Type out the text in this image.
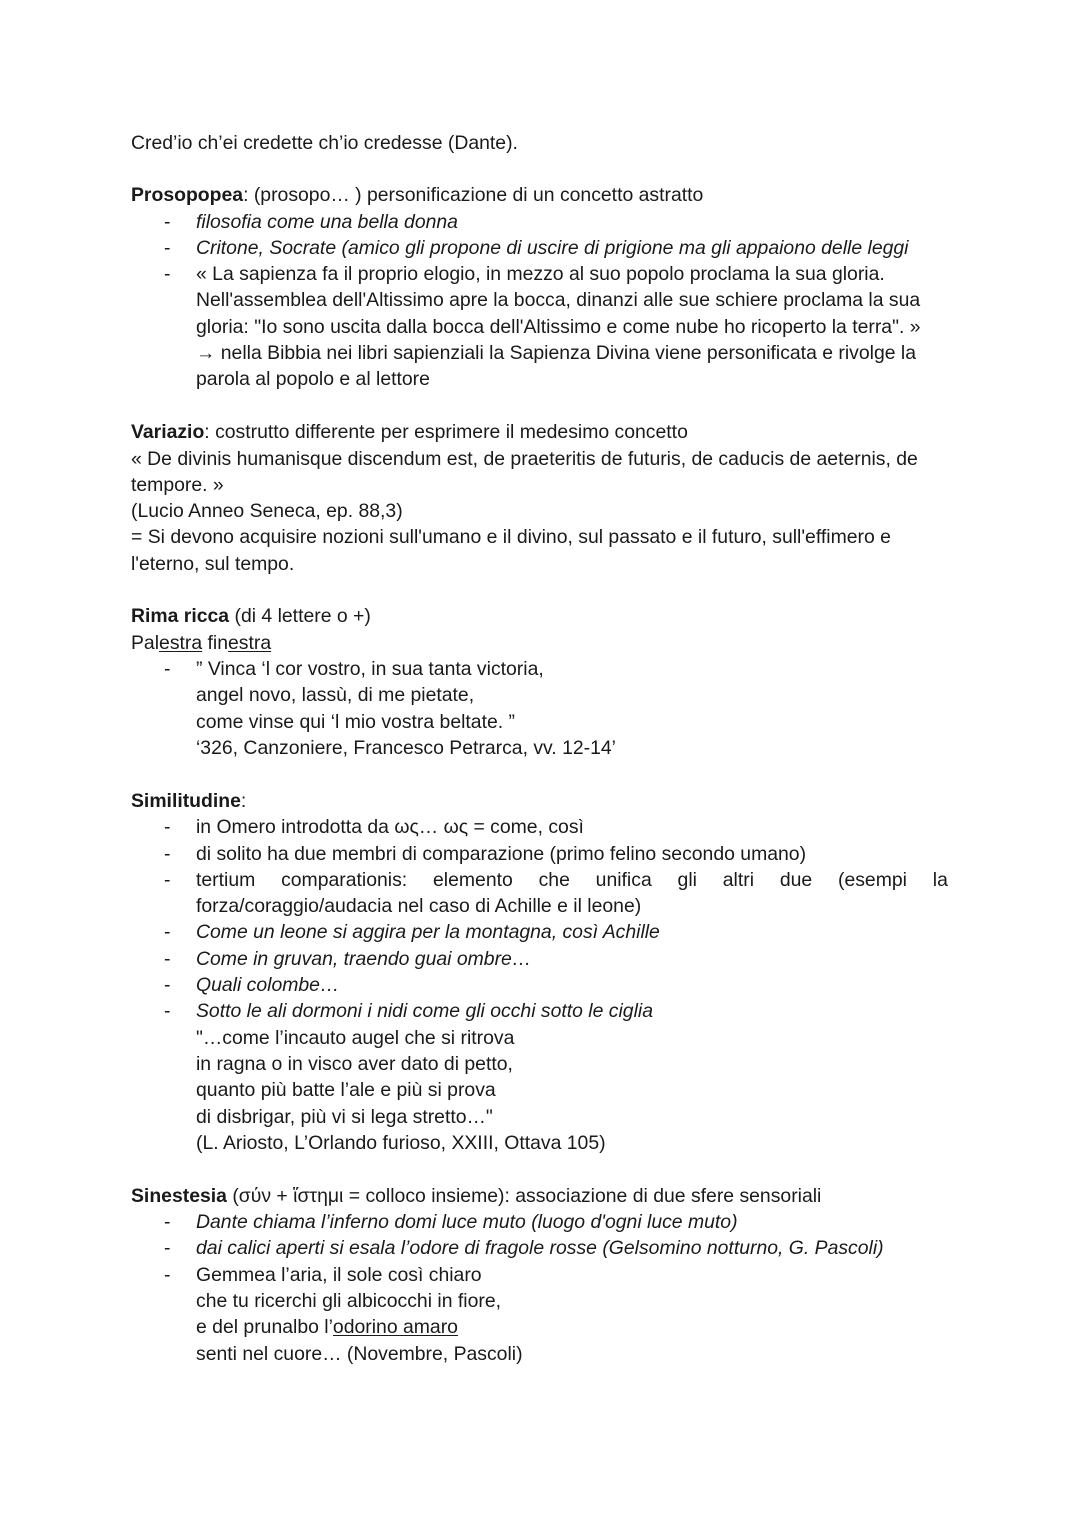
Cred’io ch’ei credette ch’io credesse (Dante).
Prosopopea: (prosopo… ) personificazione di un concetto astratto
- filosofia come una bella donna
- Critone, Socrate (amico gli propone di uscire di prigione ma gli appaiono delle leggi
- « La sapienza fa il proprio elogio, in mezzo al suo popolo proclama la sua gloria.
Nell'assemblea dell'Altissimo apre la bocca, dinanzi alle sue schiere proclama la sua
gloria: "Io sono uscita dalla bocca dell'Altissimo e come nube ho ricoperto la terra". »
→ nella Bibbia nei libri sapienziali la Sapienza Divina viene personificata e rivolge la
parola al popolo e al lettore
Variazio: costrutto differente per esprimere il medesimo concetto
« De divinis humanisque discendum est, de praeteritis de futuris, de caducis de aeternis, de
tempore. »
(Lucio Anneo Seneca, ep. 88,3)
= Si devono acquisire nozioni sull'umano e il divino, sul passato e il futuro, sull'effimero e
l'eterno, sul tempo.
Rima ricca (di 4 lettere o +)
Palestra finestra
- ” Vinca ‘l cor vostro, in sua tanta victoria,
angel novo, lassù, di me pietate,
come vinse qui ‘l mio vostra beltate. ”
‘326, Canzoniere, Francesco Petrarca, vv. 12-14’
Similitudine:
- in Omero introdotta da ως… ως = come, così
- di solito ha due membri di comparazione (primo felino secondo umano)
- tertium comparationis: elemento che unifica gli altri due (esempi la
forza/coraggio/audacia nel caso di Achille e il leone)
- Come un leone si aggira per la montagna, così Achille
- Come in gruvan, traendo guai ombre…
- Quali colombe…
- Sotto le ali dormoni i nidi come gli occhi sotto le ciglia
"…come l’incauto augel che si ritrova
in ragna o in visco aver dato di petto,
quanto più batte l’ale e più si prova
di disbrigar, più vi si lega stretto…"
(L. Ariosto, L’Orlando furioso, XXIII, Ottava 105)
Sinestesia (σύν + ἵστημι = colloco insieme): associazione di due sfere sensoriali
- Dante chiama l’inferno domi luce muto (luogo d'ogni luce muto)
- dai calici aperti si esala l’odore di fragole rosse (Gelsomino notturno, G. Pascoli)
- Gemmea l’aria, il sole così chiaro
che tu ricerchi gli albicocchi in fiore,
e del prunalbo l’odorino amaro
senti nel cuore… (Novembre, Pascoli)
